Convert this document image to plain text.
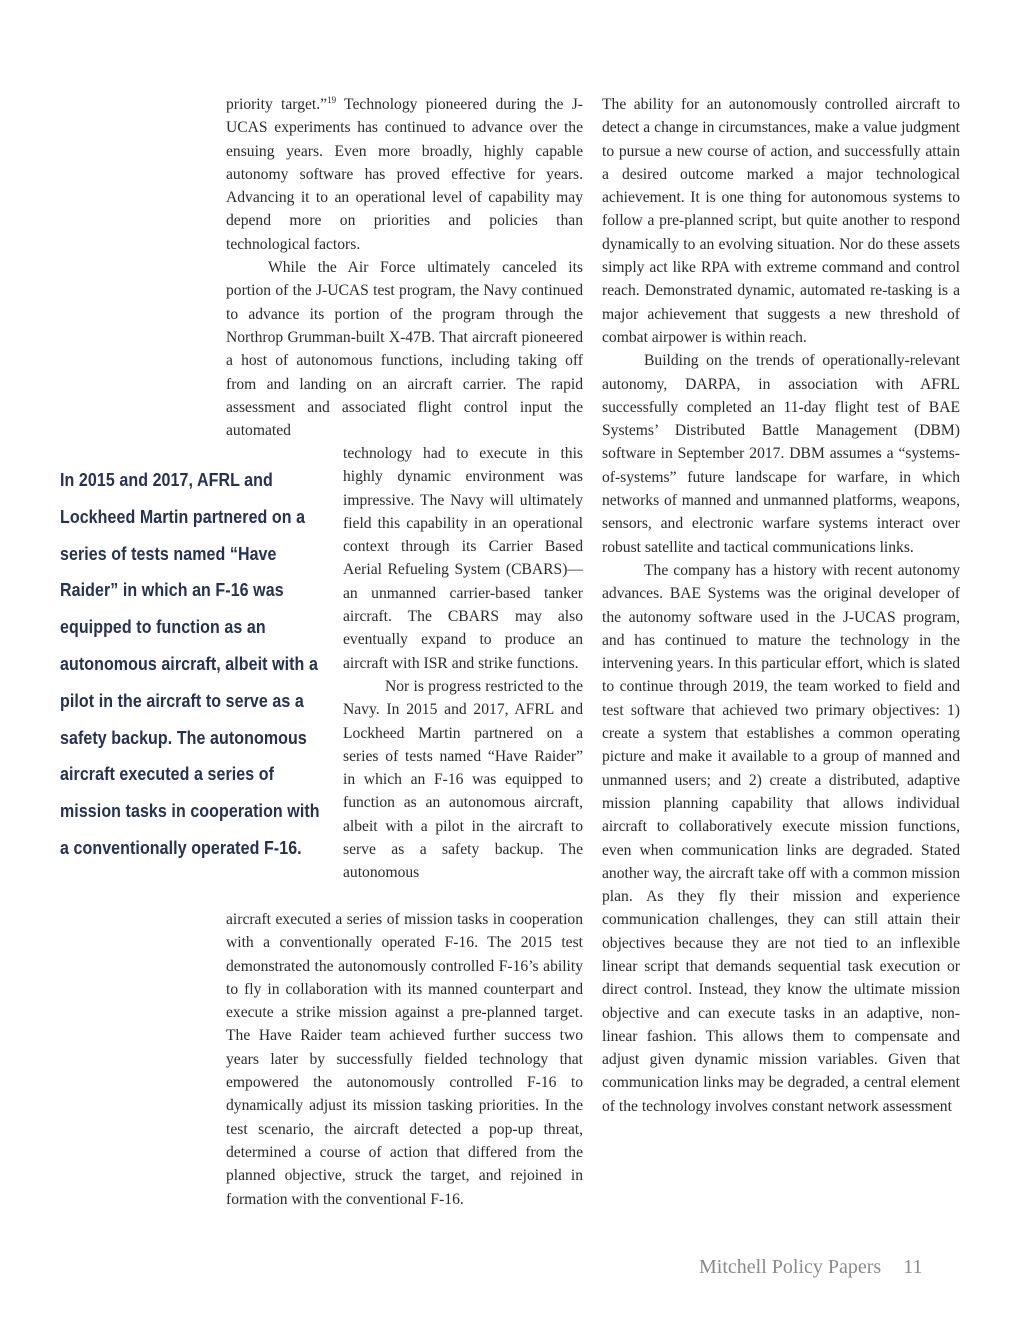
priority target.”$^{19}$ Technology pioneered during the J-UCAS experiments has continued to advance over the ensuing years. Even more broadly, highly capable autonomy software has proved effective for years. Advancing it to an operational level of capability may depend more on priorities and policies than technological factors.

While the Air Force ultimately canceled its portion of the J-UCAS test program, the Navy continued to advance its portion of the program through the Northrop Grumman-built X-47B. That aircraft pioneered a host of autonomous functions, including taking off from and landing on an aircraft carrier. The rapid assessment and associated flight control input the automated

technology had to execute in this highly dynamic environment was impressive. The Navy will ultimately field this capability in an operational context through its Carrier Based Aerial Refueling System (CBARS)—an unmanned carrier-based tanker aircraft. The CBARS may also eventually expand to produce an aircraft with ISR and strike functions.

Nor is progress restricted to the Navy. In 2015 and 2017, AFRL and Lockheed Martin partnered on a series of tests named “Have Raider” in which an F-16 was equipped to function as an autonomous aircraft, albeit with a pilot in the aircraft to serve as a safety backup. The autonomous

aircraft executed a series of mission tasks in cooperation with a conventionally operated F-16. The 2015 test demonstrated the autonomously controlled F-16’s ability to fly in collaboration with its manned counterpart and execute a strike mission against a pre-planned target. The Have Raider team achieved further success two years later by successfully fielded technology that empowered the autonomously controlled F-16 to dynamically adjust its mission tasking priorities. In the test scenario, the aircraft detected a pop-up threat, determined a course of action that differed from the planned objective, struck the target, and rejoined in formation with the conventional F-16.

In 2015 and 2017, AFRL and Lockheed Martin partnered on a series of tests named “Have Raider” in which an F-16 was equipped to function as an autonomous aircraft, albeit with a pilot in the aircraft to serve as a safety backup. The autonomous aircraft executed a series of mission tasks in cooperation with a conventionally operated F-16.

The ability for an autonomously controlled aircraft to detect a change in circumstances, make a value judgment to pursue a new course of action, and successfully attain a desired outcome marked a major technological achievement. It is one thing for autonomous systems to follow a pre-planned script, but quite another to respond dynamically to an evolving situation. Nor do these assets simply act like RPA with extreme command and control reach. Demonstrated dynamic, automated re-tasking is a major achievement that suggests a new threshold of combat airpower is within reach.

Building on the trends of operationally-relevant autonomy, DARPA, in association with AFRL successfully completed an 11-day flight test of BAE Systems’ Distributed Battle Management (DBM) software in September 2017. DBM assumes a “systems-of-systems” future landscape for warfare, in which networks of manned and unmanned platforms, weapons, sensors, and electronic warfare systems interact over robust satellite and tactical communications links.

The company has a history with recent autonomy advances. BAE Systems was the original developer of the autonomy software used in the J-UCAS program, and has continued to mature the technology in the intervening years. In this particular effort, which is slated to continue through 2019, the team worked to field and test software that achieved two primary objectives: 1) create a system that establishes a common operating picture and make it available to a group of manned and unmanned users; and 2) create a distributed, adaptive mission planning capability that allows individual aircraft to collaboratively execute mission functions, even when communication links are degraded. Stated another way, the aircraft take off with a common mission plan. As they fly their mission and experience communication challenges, they can still attain their objectives because they are not tied to an inflexible linear script that demands sequential task execution or direct control. Instead, they know the ultimate mission objective and can execute tasks in an adaptive, non-linear fashion. This allows them to compensate and adjust given dynamic mission variables. Given that communication links may be degraded, a central element of the technology involves constant network assessment

Mitchell Policy Papers 11
